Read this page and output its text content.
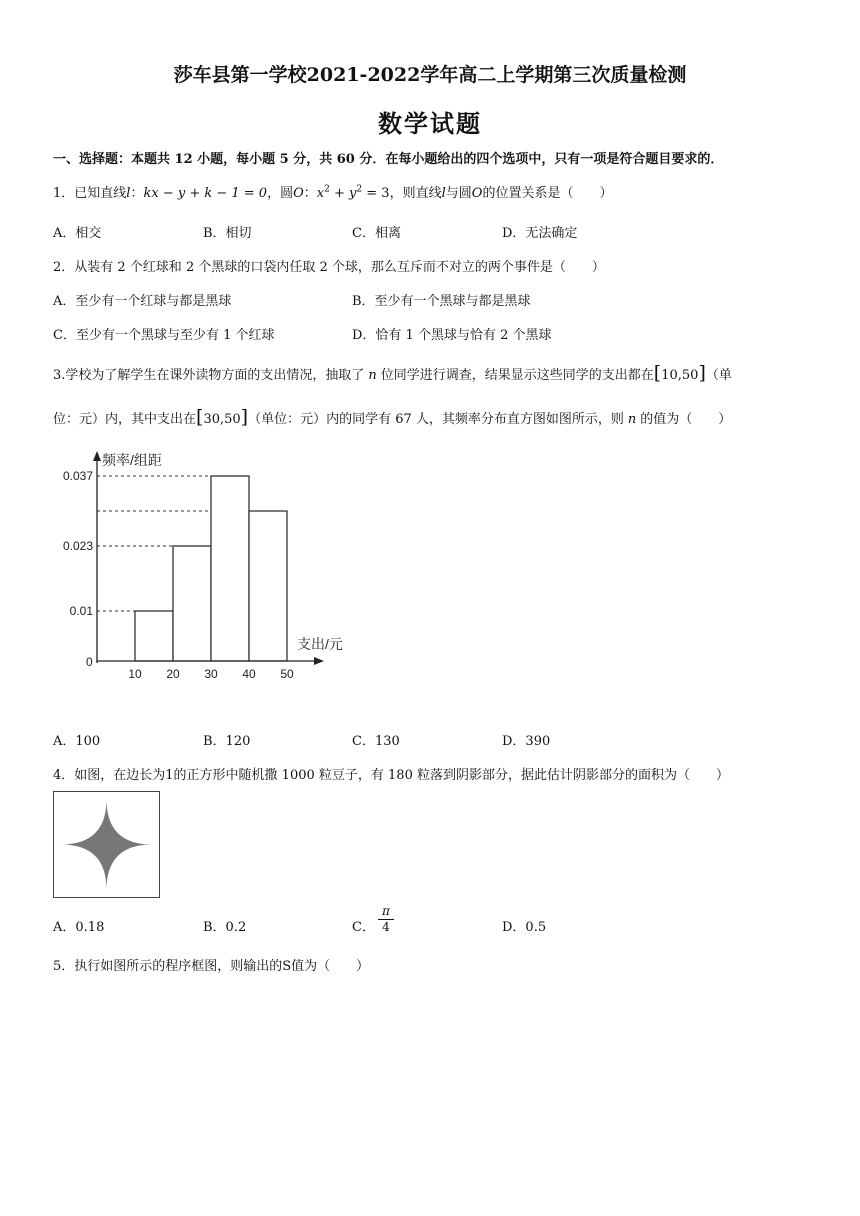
莎车县第一学校2021-2022学年高二上学期第三次质量检测
数学试题
一、选择题：本题共 12 小题，每小题 5 分，共 60 分．在每小题给出的四个选项中，只有一项是符合题目要求的．
1．已知直线l：kx − y + k − 1 = 0，圆O：$x^2 + y^2 = 3$，则直线l与圆O的位置关系是（　　）
A．相交	B．相切	C．相离	D．无法确定
2．从装有 2 个红球和 2 个黑球的口袋内任取 2 个球，那么互斥而不对立的两个事件是（　　）
A．至少有一个红球与都是黑球	B．至少有一个黑球与都是黑球
C．至少有一个黑球与至少有 1 个红球	D．恰有 1 个黑球与恰有 2 个黑球
3.学校为了解学生在课外读物方面的支出情况，抽取了 n 位同学进行调查，结果显示这些同学的支出都在[10,50]（单
位：元）内，其中支出在[30,50]（单位：元）内的同学有 67 人，其频率分布直方图如图所示，则 n 的值为（　　）
频率/组距
支出/元
0
0.037
0.023
0.01
10 20 30 40 50
A．100	B．120	C．130	D．390
4．如图，在边长为1的正方形中随机撒 1000 粒豆子，有 180 粒落到阴影部分，据此估计阴影部分的面积为（　　）
A．0.18	B．0.2	C． $\frac{\pi}{4}$	D．0.5
5．执行如图所示的程序框图，则输出的S值为（　　）
